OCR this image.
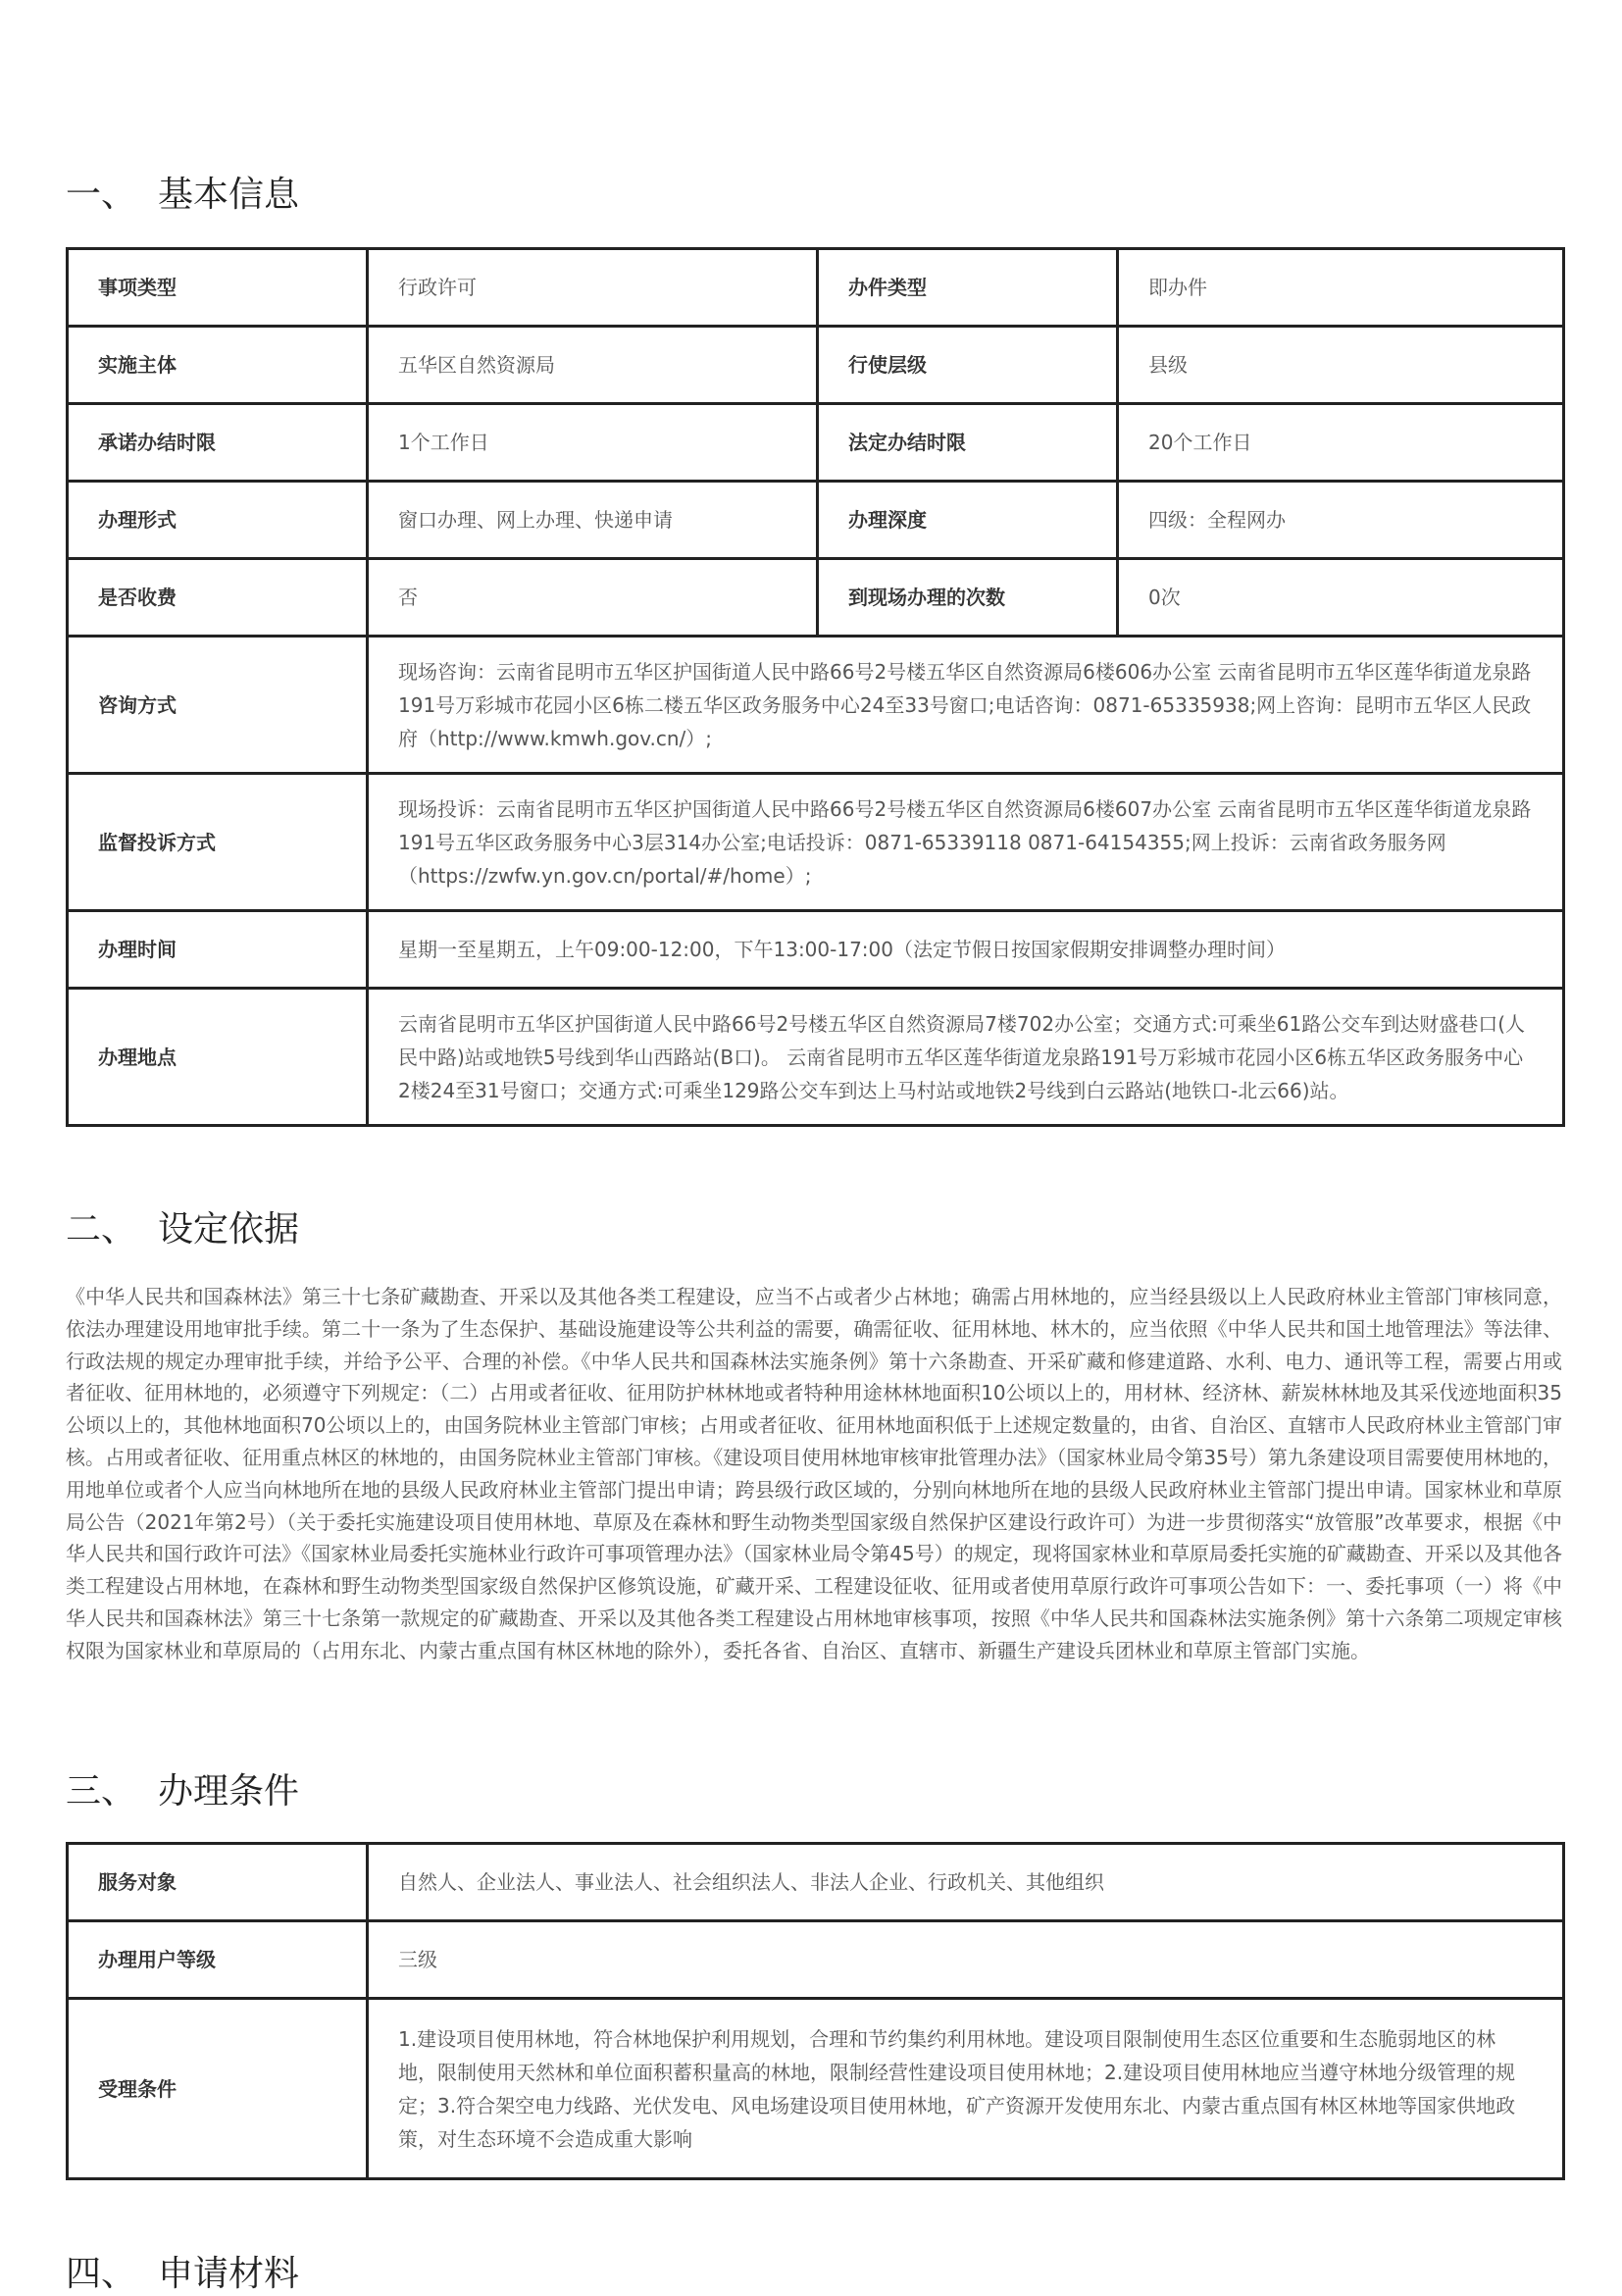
一、 基本信息
事项类型	行政许可	办件类型	即办件
实施主体	五华区自然资源局	行使层级	县级
承诺办结时限	1个工作日	法定办结时限	20个工作日
办理形式	窗口办理、网上办理、快递申请	办理深度	四级：全程网办
是否收费	否	到现场办理的次数	0次
咨询方式	现场咨询：云南省昆明市五华区护国街道人民中路66号2号楼五华区自然资源局6楼606办公室 云南省昆明市五华区莲华街道龙泉路191号万彩城市花园小区6栋二楼五华区政务服务中心24至33号窗口;电话咨询：0871-65335938;网上咨询：昆明市五华区人民政府（http://www.kmwh.gov.cn/）;		
监督投诉方式	现场投诉：云南省昆明市五华区护国街道人民中路66号2号楼五华区自然资源局6楼607办公室 云南省昆明市五华区莲华街道龙泉路191号五华区政务服务中心3层314办公室;电话投诉：0871-65339118 0871-64154355;网上投诉：云南省政务服务网（https://zwfw.yn.gov.cn/portal/#/home）;		
办理时间	星期一至星期五，上午09:00-12:00，下午13:00-17:00（法定节假日按国家假期安排调整办理时间）		
办理地点	云南省昆明市五华区护国街道人民中路66号2号楼五华区自然资源局7楼702办公室；交通方式:可乘坐61路公交车到达财盛巷口(人民中路)站或地铁5号线到华山西路站(B口)。 云南省昆明市五华区莲华街道龙泉路191号万彩城市花园小区6栋五华区政务服务中心2楼24至31号窗口；交通方式:可乘坐129路公交车到达上马村站或地铁2号线到白云路站(地铁口-北云66)站。		
二、 设定依据

《中华人民共和国森林法》第三十七条矿藏勘查、开采以及其他各类工程建设，应当不占或者少占林地；确需占用林地的，应当经县级以上人民政府林业主管部门审核同意，依法办理建设用地审批手续。第二十一条为了生态保护、基础设施建设等公共利益的需要，确需征收、征用林地、林木的，应当依照《中华人民共和国土地管理法》等法律、行政法规的规定办理审批手续，并给予公平、合理的补偿。《中华人民共和国森林法实施条例》第十六条勘查、开采矿藏和修建道路、水利、电力、通讯等工程，需要占用或者征收、征用林地的，必须遵守下列规定：（二）占用或者征收、征用防护林林地或者特种用途林林地面积10公顷以上的，用材林、经济林、薪炭林林地及其采伐迹地面积35公顷以上的，其他林地面积70公顷以上的，由国务院林业主管部门审核；占用或者征收、征用林地面积低于上述规定数量的，由省、自治区、直辖市人民政府林业主管部门审核。占用或者征收、征用重点林区的林地的，由国务院林业主管部门审核。《建设项目使用林地审核审批管理办法》（国家林业局令第35号）第九条建设项目需要使用林地的，用地单位或者个人应当向林地所在地的县级人民政府林业主管部门提出申请；跨县级行政区域的，分别向林地所在地的县级人民政府林业主管部门提出申请。国家林业和草原局公告（2021年第2号）（关于委托实施建设项目使用林地、草原及在森林和野生动物类型国家级自然保护区建设行政许可）为进一步贯彻落实“放管服”改革要求，根据《中华人民共和国行政许可法》《国家林业局委托实施林业行政许可事项管理办法》（国家林业局令第45号）的规定，现将国家林业和草原局委托实施的矿藏勘查、开采以及其他各类工程建设占用林地，在森林和野生动物类型国家级自然保护区修筑设施，矿藏开采、工程建设征收、征用或者使用草原行政许可事项公告如下：一、委托事项（一）将《中华人民共和国森林法》第三十七条第一款规定的矿藏勘查、开采以及其他各类工程建设占用林地审核事项，按照《中华人民共和国森林法实施条例》第十六条第二项规定审核权限为国家林业和草原局的（占用东北、内蒙古重点国有林区林地的除外），委托各省、自治区、直辖市、新疆生产建设兵团林业和草原主管部门实施。

三、 办理条件
服务对象	自然人、企业法人、事业法人、社会组织法人、非法人企业、行政机关、其他组织
办理用户等级	三级
受理条件	1.建设项目使用林地，符合林地保护利用规划，合理和节约集约利用林地。建设项目限制使用生态区位重要和生态脆弱地区的林地，限制使用天然林和单位面积蓄积量高的林地，限制经营性建设项目使用林地；2.建设项目使用林地应当遵守林地分级管理的规定；3.符合架空电力线路、光伏发电、风电场建设项目使用林地，矿产资源开发使用东北、内蒙古重点国有林区林地等国家供地政策，对生态环境不会造成重大影响
四、 申请材料
